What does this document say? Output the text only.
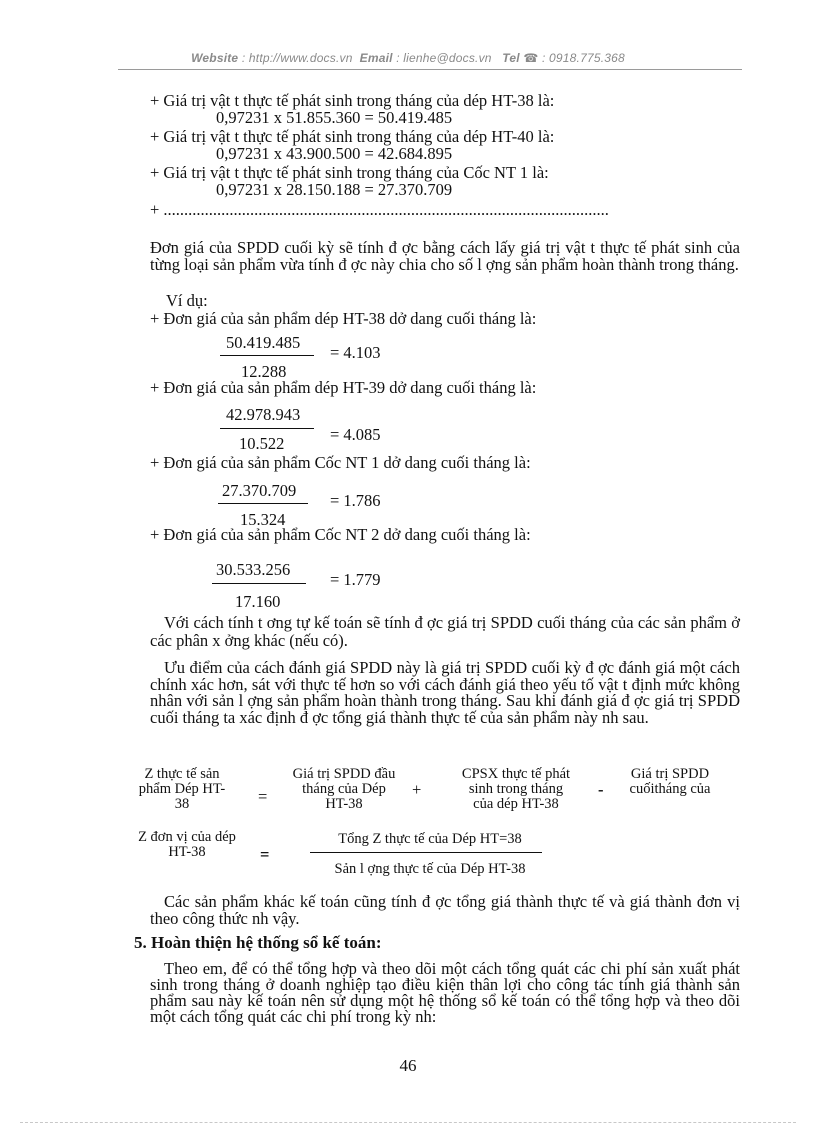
Website : http://www.docs.vn Email : lienhe@docs.vn Tel ☎ : 0918.775.368
+ Giá trị vật t thực tế phát sinh trong tháng của dép HT-38 là:
0,97231 x 51.855.360 = 50.419.485
+ Giá trị vật t thực tế phát sinh trong tháng của dép HT-40 là:
0,97231 x 43.900.500 = 42.684.895
+ Giá trị vật t thực tế phát sinh trong tháng của Cốc NT 1 là:
0,97231 x 28.150.188 = 27.370.709
+ ............................................................................................................
Đơn giá của SPDD cuối kỳ sẽ tính đ ợc bằng cách lấy giá trị vật t thực tế phát sinh của từng loại sản phẩm vừa tính đ ợc này chia cho số l ợng sản phẩm hoàn thành trong tháng.
Ví dụ:
+ Đơn giá của sản phẩm dép HT-38 dở dang cuối tháng là:
50.419.485
12.288
= 4.103
+ Đơn giá của sản phẩm dép HT-39 dở dang cuối tháng là:
42.978.943
10.522	= 4.085
+ Đơn giá của sản phẩm Cốc NT 1 dở dang cuối tháng là:
27.370.709
15.324
= 1.786
+ Đơn giá của sản phẩm Cốc NT 2 dở dang cuối tháng là:
30.533.256
17.160
= 1.779
Với cách tính t ơng tự kế toán sẽ tính đ ợc giá trị SPDD cuối tháng của các sản phẩm ở các phân x ởng khác (nếu có).
Ưu điểm của cách đánh giá SPDD này là giá trị SPDD cuối kỳ đ ợc đánh giá một cách chính xác hơn, sát với thực tế hơn so với cách đánh giá theo yếu tố vật t định mức không nhân với sản l ợng sản phẩm hoàn thành trong tháng. Sau khi đánh giá đ ợc giá trị SPDD cuối tháng ta xác định đ ợc tổng giá thành thực tế của sản phẩm này nh sau.
Z thực tế sản phẩm Dép HT-38	=
Giá trị SPDD đầu tháng của Dép HT-38
+
CPSX thực tế phát sinh trong tháng của dép HT-38
-
Giá trị SPDD cuốitháng của
Z đơn vị của dép HT-38	=
Tổng Z thực tế của Dép HT=38
Sản l ợng thực tế của Dép HT-38
Các sản phẩm khác kế toán cũng tính đ ợc tổng giá thành thực tế và giá thành đơn vị theo công thức nh vậy.
5. Hoàn thiện hệ thống sổ kế toán:
Theo em, để có thể tổng hợp và theo dõi một cách tổng quát các chi phí sản xuất phát sinh trong tháng ở doanh nghiệp tạo điều kiện thân lợi cho công tác tính giá thành sản phẩm sau này kế toán nên sử dụng một hệ thống sổ kế toán có thể tổng hợp và theo dõi một cách tổng quát các chi phí trong kỳ nh:
46
